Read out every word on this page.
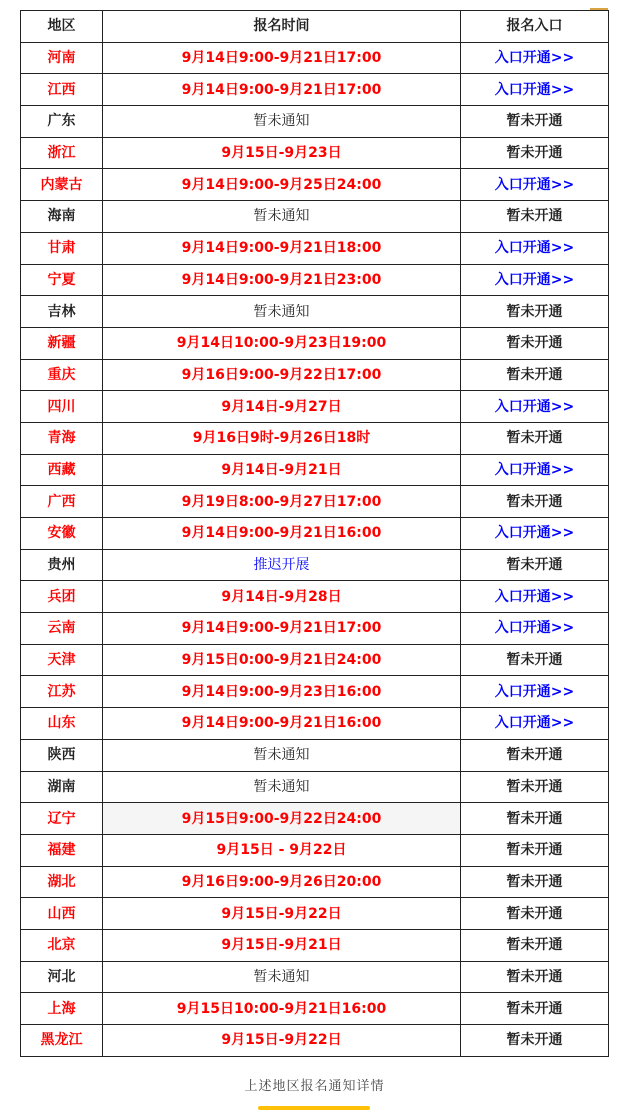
地区	报名时间	报名入口
河南	9月14日9:00-9月21日17:00	入口开通>>
江西	9月14日9:00-9月21日17:00	入口开通>>
广东	暂未通知	暂未开通
浙江	9月15日-9月23日	暂未开通
内蒙古	9月14日9:00-9月25日24:00	入口开通>>
海南	暂未通知	暂未开通
甘肃	9月14日9:00-9月21日18:00	入口开通>>
宁夏	9月14日9:00-9月21日23:00	入口开通>>
吉林	暂未通知	暂未开通
新疆	9月14日10:00-9月23日19:00	暂未开通
重庆	9月16日9:00-9月22日17:00	暂未开通
四川	9月14日-9月27日	入口开通>>
青海	9月16日9时-9月26日18时	暂未开通
西藏	9月14日-9月21日	入口开通>>
广西	9月19日8:00-9月27日17:00	暂未开通
安徽	9月14日9:00-9月21日16:00	入口开通>>
贵州	推迟开展	暂未开通
兵团	9月14日-9月28日	入口开通>>
云南	9月14日9:00-9月21日17:00	入口开通>>
天津	9月15日0:00-9月21日24:00	暂未开通
江苏	9月14日9:00-9月23日16:00	入口开通>>
山东	9月14日9:00-9月21日16:00	入口开通>>
陕西	暂未通知	暂未开通
湖南	暂未通知	暂未开通
辽宁	9月15日9:00-9月22日24:00	暂未开通
福建	9月15日 - 9月22日	暂未开通
湖北	9月16日9:00-9月26日20:00	暂未开通
山西	9月15日-9月22日	暂未开通
北京	9月15日-9月21日	暂未开通
河北	暂未通知	暂未开通
上海	9月15日10:00-9月21日16:00	暂未开通
黑龙江	9月15日-9月22日	暂未开通
上述地区报名通知详情
